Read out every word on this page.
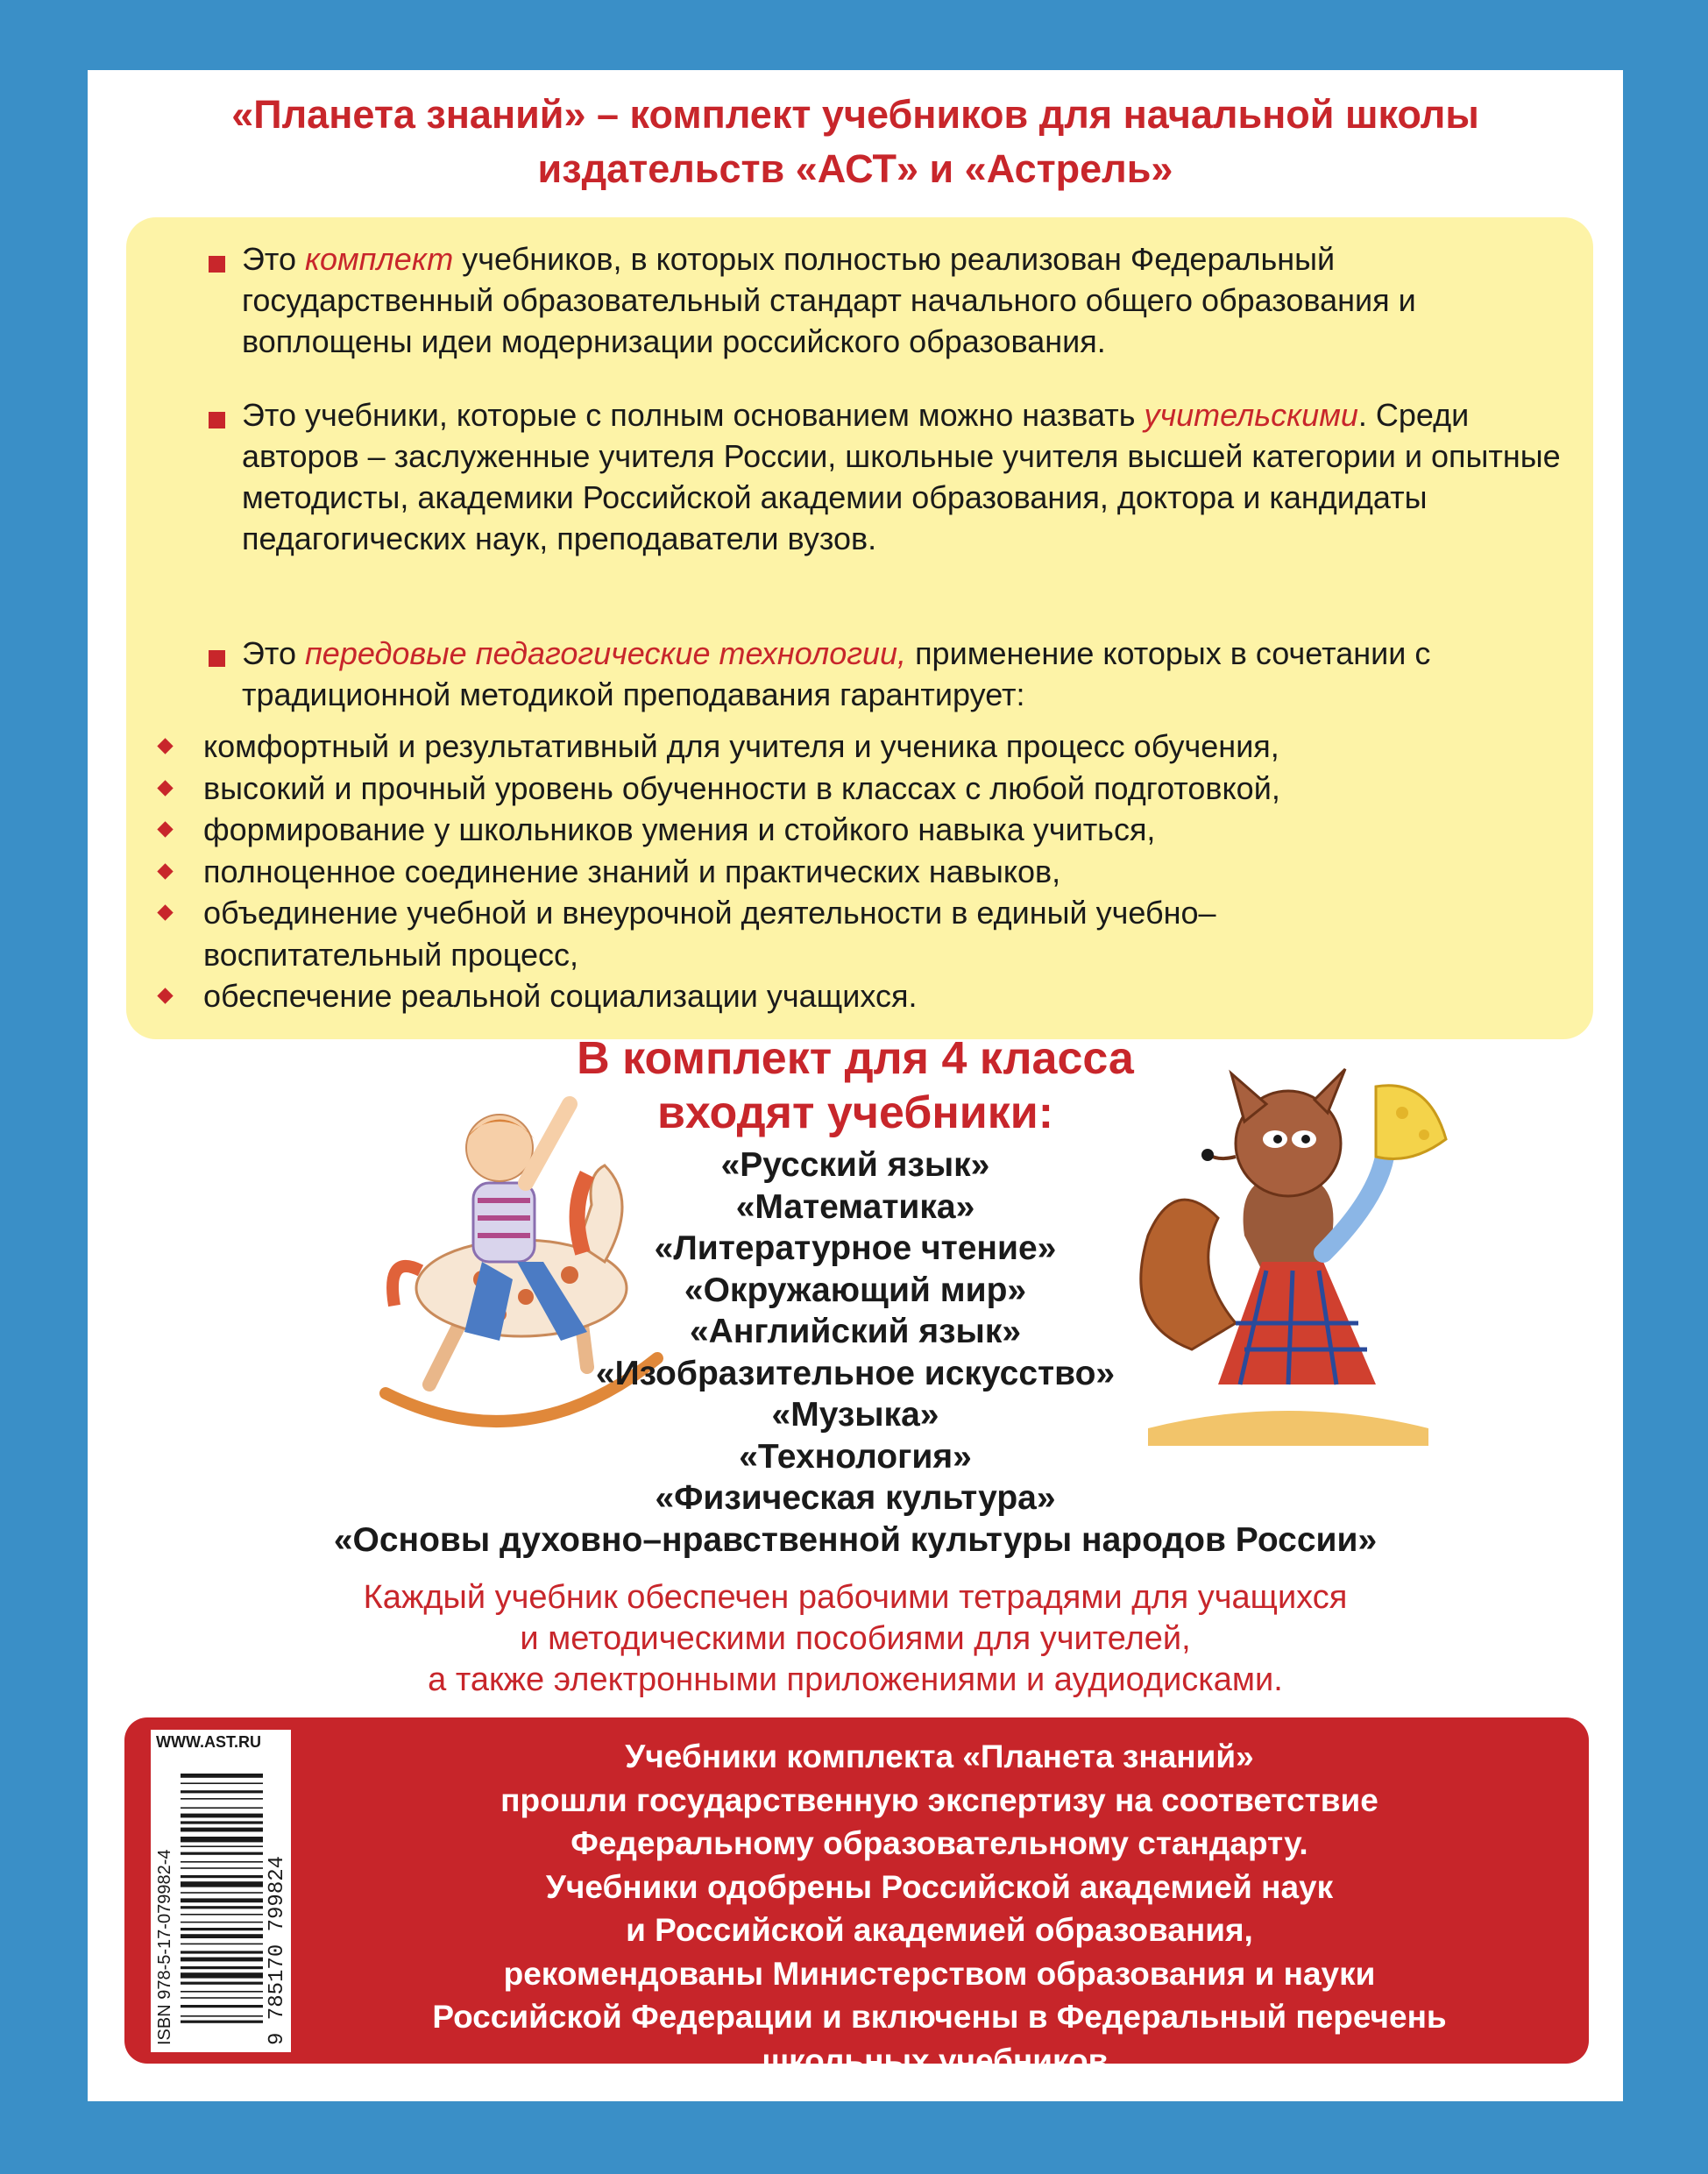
«Планета знаний» – комплект учебников для начальной школы
издательств «АСТ» и «Астрель»
Это комплект учебников, в которых полностью реализован Федеральный государственный образовательный стандарт начального общего образования и воплощены идеи модернизации российского образования.
Это учебники, которые с полным основанием можно назвать учительскими. Среди авторов – заслуженные учителя России, школьные учителя высшей категории и опытные методисты, академики Российской академии образования, доктора и кандидаты педагогических наук, преподаватели вузов.
Это передовые педагогические технологии, применение которых в сочетании с традиционной методикой преподавания гарантирует:
комфортный и результативный для учителя и ученика процесс обучения,
высокий и прочный уровень обученности в классах с любой подготовкой,
формирование у школьников умения и стойкого навыка учиться,
полноценное соединение знаний и практических навыков,
объединение учебной и внеурочной деятельности в единый учебно–воспитательный процесс,
обеспечение реальной социализации учащихся.
В комплект для 4 класса
входят учебники:
«Русский язык»
«Математика»
«Литературное чтение»
«Окружающий мир»
«Английский язык»
«Изобразительное искусство»
«Музыка»
«Технология»
«Физическая культура»
«Основы духовно–нравственной культуры народов России»
Каждый учебник обеспечен рабочими тетрадями для учащихся
и методическими пособиями для учителей,
а также электронными приложениями и аудиодисками.
WWW.AST.RU
ISBN 978-5-17-079982-4	9 785170 799824
Учебники комплекта «Планета знаний»
прошли государственную экспертизу на соответствие
Федеральному образовательному стандарту.
Учебники одобрены Российской академией наук
и Российской академией образования,
рекомендованы Министерством образования и науки
Российской Федерации и включены в Федеральный перечень
школьных учебников.
